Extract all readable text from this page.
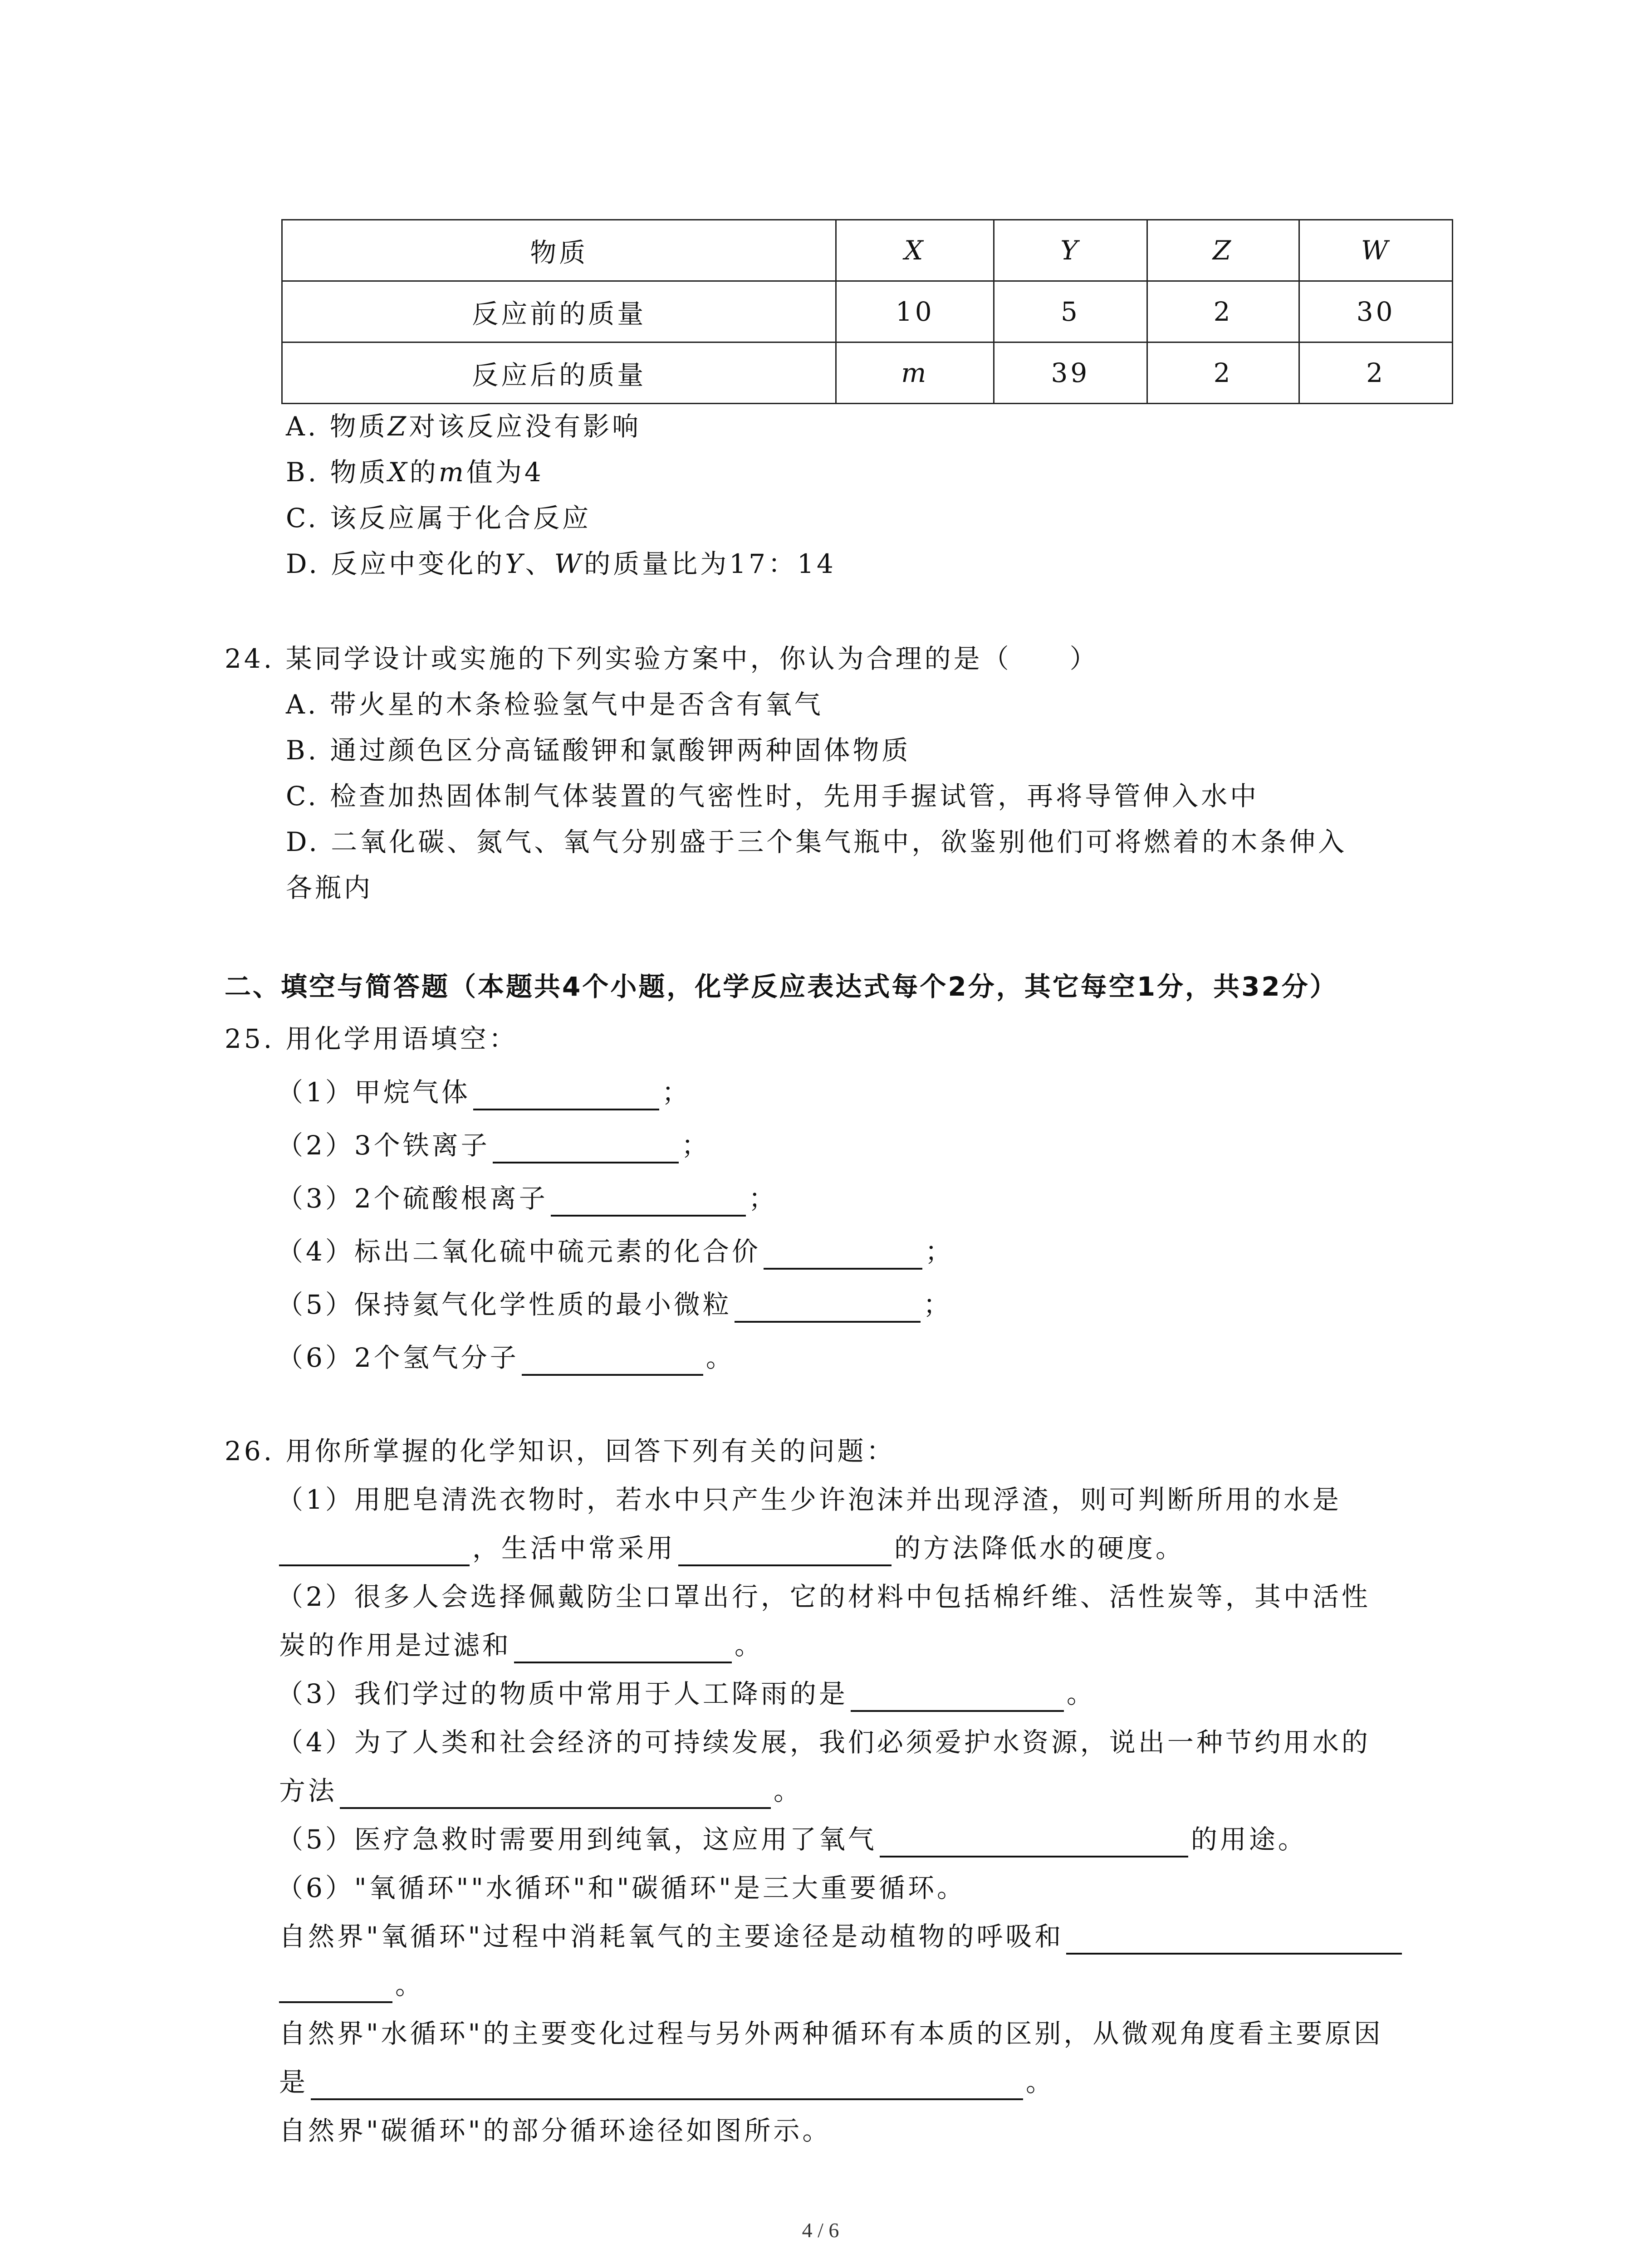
物质	X	Y	Z	W
反应前的质量	10	5	2	30
反应后的质量	m	39	2	2
A. 物质Z对该反应没有影响
B. 物质X的m值为4
C. 该反应属于化合反应
D. 反应中变化的Y、W的质量比为17：14
24. 某同学设计或实施的下列实验方案中，你认为合理的是（　　）
A. 带火星的木条检验氢气中是否含有氧气
B. 通过颜色区分高锰酸钾和氯酸钾两种固体物质
C. 检查加热固体制气体装置的气密性时，先用手握试管，再将导管伸入水中
D. 二氧化碳、氮气、氧气分别盛于三个集气瓶中，欲鉴别他们可将燃着的木条伸入
各瓶内
二、填空与简答题（本题共4个小题，化学反应表达式每个2分，其它每空1分，共32分）
25. 用化学用语填空：
（1）甲烷气体	；
（2）3个铁离子	；
（3）2个硫酸根离子	；
（4）标出二氧化硫中硫元素的化合价	；
（5）保持氦气化学性质的最小微粒	；
（6）2个氢气分子	。
26. 用你所掌握的化学知识，回答下列有关的问题：
（1）用肥皂清洗衣物时，若水中只产生少许泡沫并出现浮渣，则可判断所用的水是
，生活中常采用	的方法降低水的硬度。
（2）很多人会选择佩戴防尘口罩出行，它的材料中包括棉纤维、活性炭等，其中活性
炭的作用是过滤和	。
（3）我们学过的物质中常用于人工降雨的是	。
（4）为了人类和社会经济的可持续发展，我们必须爱护水资源，说出一种节约用水的
方法	。
（5）医疗急救时需要用到纯氧，这应用了氧气	的用途。
（6）"氧循环""水循环"和"碳循环"是三大重要循环。
自然界"氧循环"过程中消耗氧气的主要途径是动植物的呼吸和
。
自然界"水循环"的主要变化过程与另外两种循环有本质的区别，从微观角度看主要原因
是	。
自然界"碳循环"的部分循环途径如图所示。
4 / 6
